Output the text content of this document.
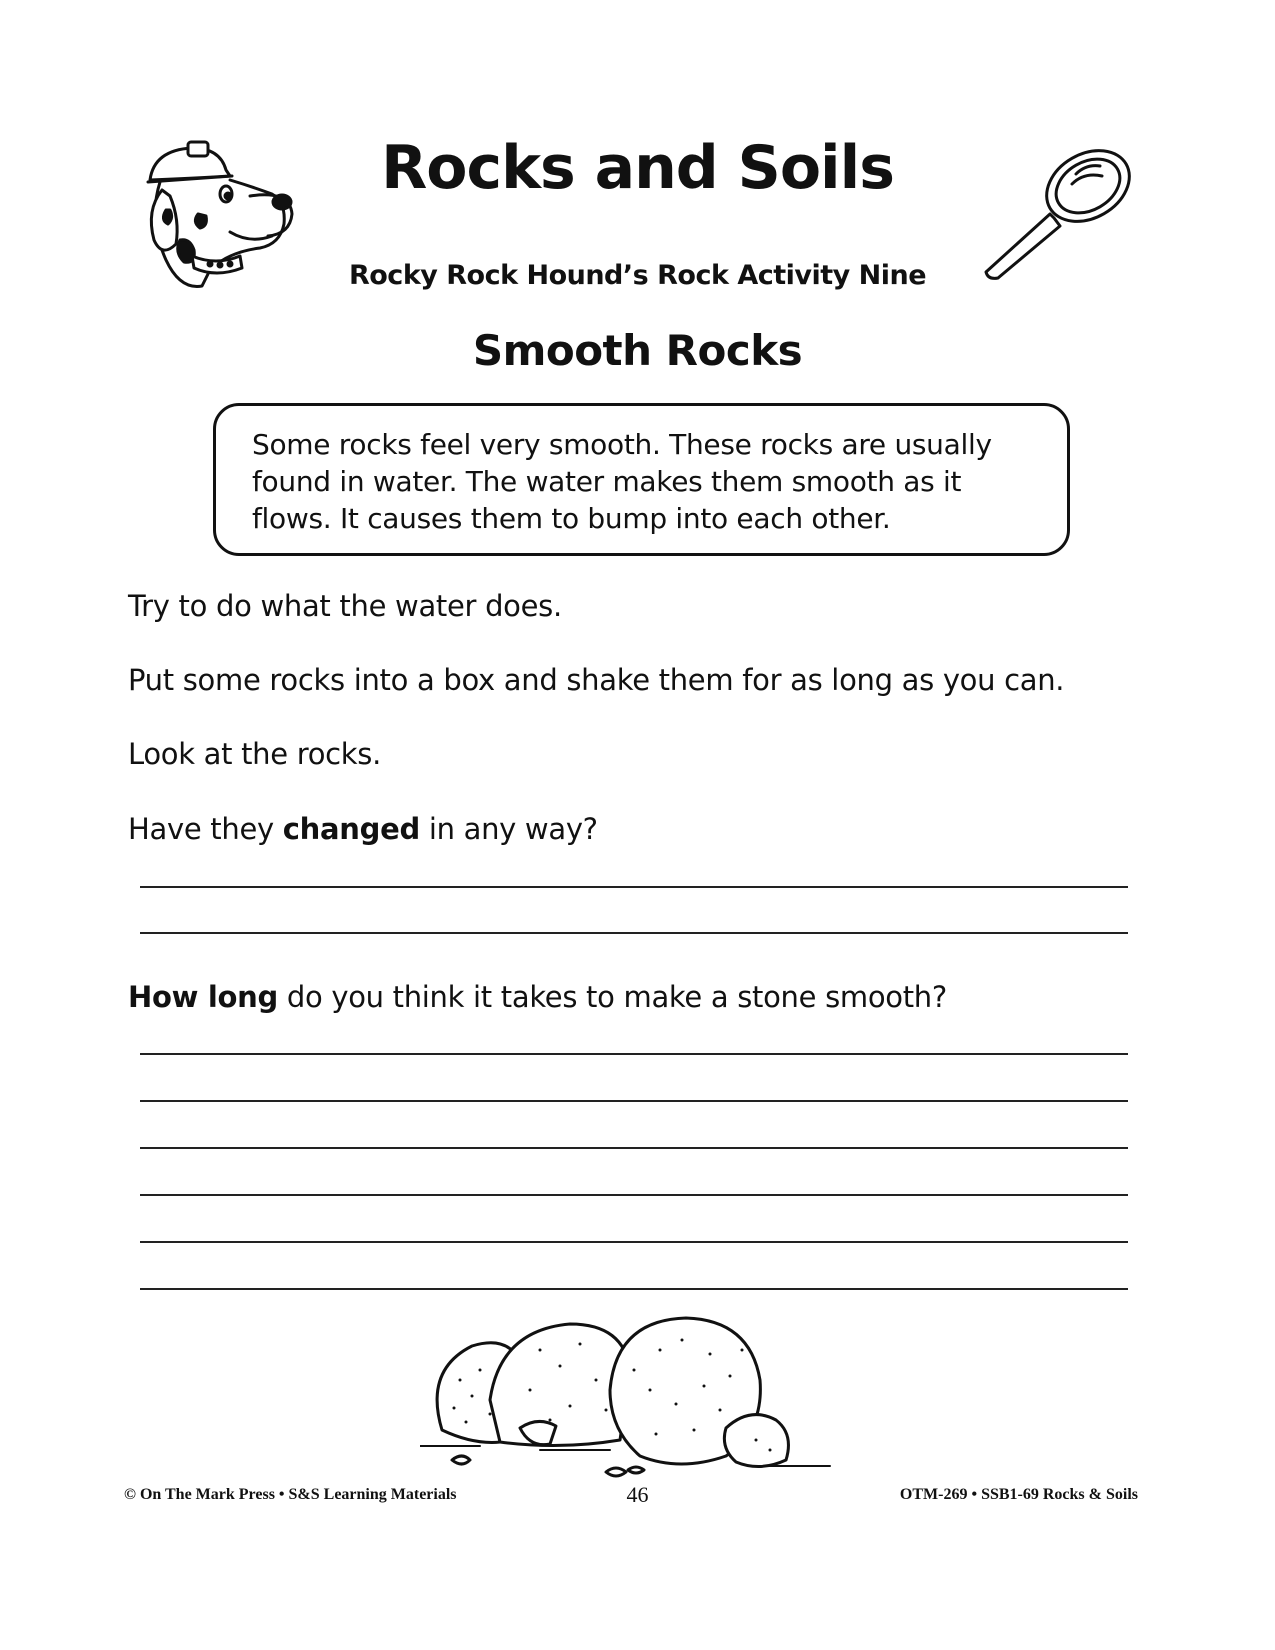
Rocks and Soils
Rocky Rock Hound’s Rock Activity Nine
Smooth Rocks

Some rocks feel very smooth. These rocks are usually

found in water. The water makes them smooth as it

flows. It causes them to bump into each other.

Try to do what the water does.

Put some rocks into a box and shake them for as long as you can.

Look at the rocks.

Have they changed in any way?

How long do you think it takes to make a stone smooth?

© On The Mark Press • S&S Learning Materials	46	OTM-269 • SSB1-69 Rocks & Soils
